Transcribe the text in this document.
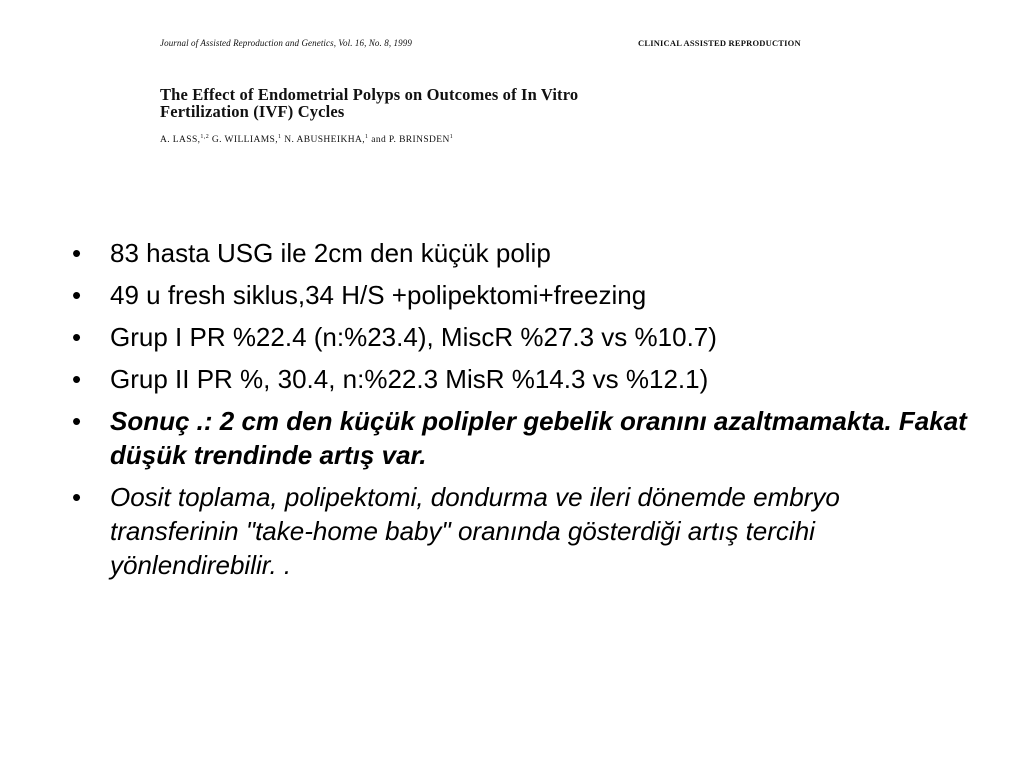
Journal of Assisted Reproduction and Genetics, Vol. 16, No. 8, 1999	CLINICAL ASSISTED REPRODUCTION
The Effect of Endometrial Polyps on Outcomes of In Vitro
Fertilization (IVF) Cycles
A. LASS,$^{1,2}$ G. WILLIAMS,$^1$ N. ABUSHEIKHA,$^1$ and P. BRINSDEN$^1$
•	83 hasta USG ile 2cm den küçük polip
•	49 u fresh siklus,34 H/S +polipektomi+freezing
•	Grup I PR %22.4 (n:%23.4), MiscR %27.3 vs %10.7)
•	Grup II PR %, 30.4, n:%22.3 MisR %14.3 vs %12.1)
•	Sonuç .: 2 cm den küçük polipler gebelik oranını azaltmamakta. Fakat düşük trendinde artış var.
•	Oosit toplama, polipektomi, dondurma ve ileri dönemde embryo transferinin "take-home baby" oranında gösterdiği artış tercihi yönlendirebilir. .
